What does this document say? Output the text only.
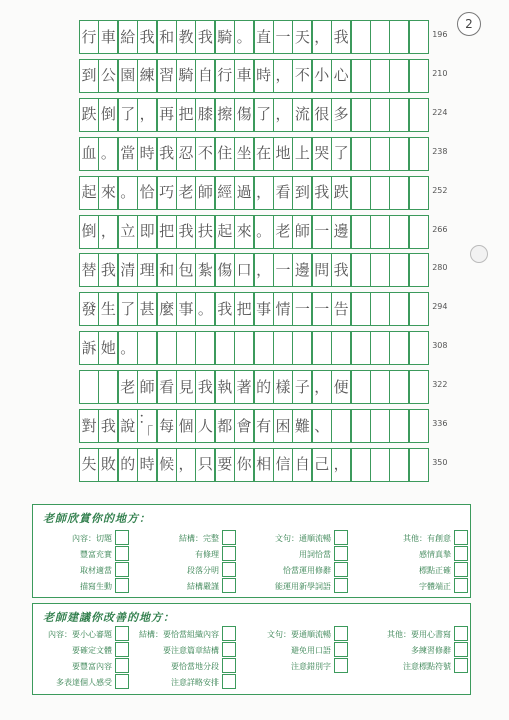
2
行 車 給 我 和 教 我 騎 。 直 一 天 ， 我	196
到 公 園 練 習 騎 自 行 車 時 ， 不 小 心	210
跌 倒 了 ， 再 把 膝 擦 傷 了 ， 流 很 多	224
血 。 當 時 我 忍 不 住 坐 在 地 上 哭 了	238
起 來 。 恰 巧 老 師 經 過 ， 看 到 我 跌	252
倒 ， 立 即 把 我 扶 起 來 。 老 師 一 邊	266
替 我 清 理 和 包 紮 傷 口 ， 一 邊 問 我	280
發 生 了 甚 麼 事 。 我 把 事 情 一 一 告	294
訴 她 。	308
老 師 看 見 我 執 著 的 樣 子 ， 便	322
對 我 說 ：「 每 個 人 都 會 有 困 難 、	336
失 敗 的 時 候 ， 只 要 你 相 信 自 己 ，	350
老師欣賞你的地方：
內容：切題	結構：完整	文句：通順流暢	其他：有創意
豐富充實	有條理	用詞恰當	感情真摯
取材適當	段落分明	恰當運用修辭	標點正確
描寫生動	結構嚴謹	能運用新學詞語	字體端正
老師建議你改善的地方：
內容：要小心審題	結構：要恰當組織內容	文句：要通順流暢	其他：要用心書寫
要確定文體	要注意篇章結構	避免用口語	多練習修辭
要豐富內容	要恰當地分段	注意錯別字	注意標點符號
多表達個人感受	注意詳略安排
